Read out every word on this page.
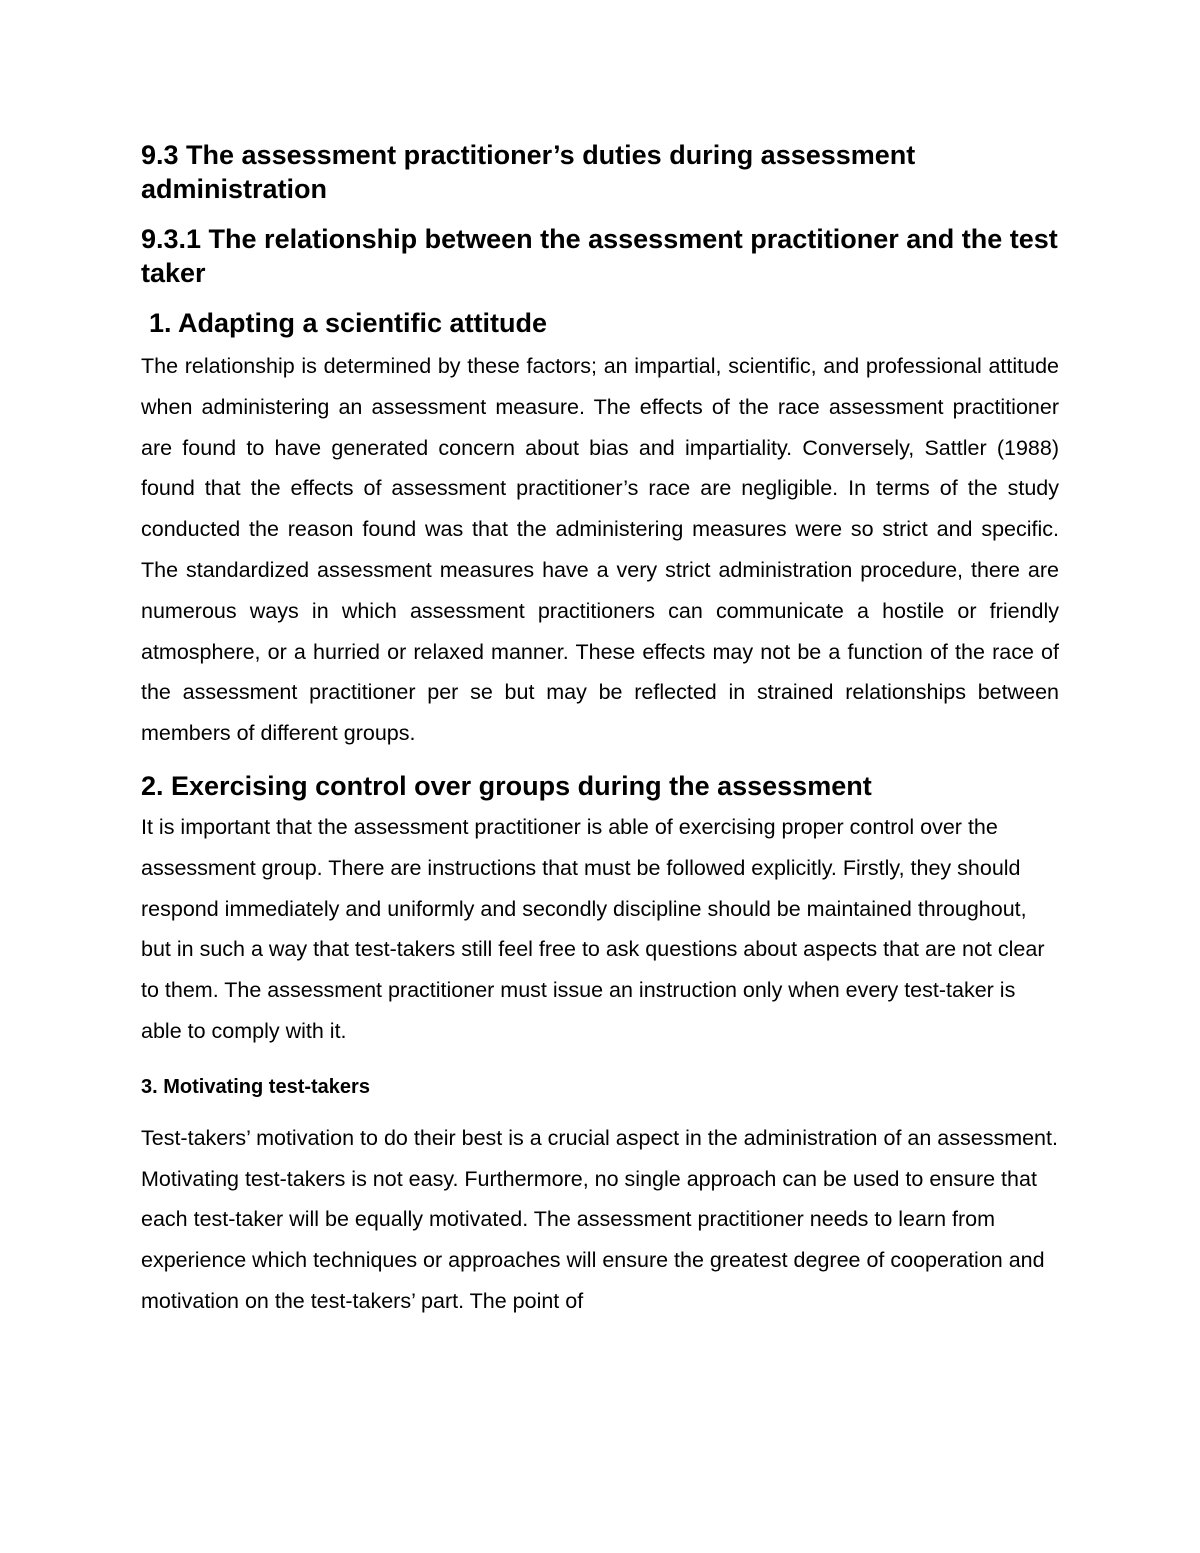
9.3 The assessment practitioner’s duties during assessment administration
9.3.1 The relationship between the assessment practitioner and the test taker
1. Adapting a scientific attitude

The relationship is determined by these factors; an impartial, scientific, and professional attitude when administering an assessment measure. The effects of the race assessment practitioner are found to have generated concern about bias and impartiality. Conversely, Sattler (1988) found that the effects of assessment practitioner’s race are negligible. In terms of the study conducted the reason found was that the administering measures were so strict and specific. The standardized assessment measures have a very strict administration procedure, there are numerous ways in which assessment practitioners can communicate a hostile or friendly atmosphere, or a hurried or relaxed manner. These effects may not be a function of the race of the assessment practitioner per se but may be reflected in strained relationships between members of different groups.

2. Exercising control over groups during the assessment

It is important that the assessment practitioner is able of exercising proper control over the assessment group. There are instructions that must be followed explicitly. Firstly, they should respond immediately and uniformly and secondly discipline should be maintained throughout, but in such a way that test-takers still feel free to ask questions about aspects that are not clear to them. The assessment practitioner must issue an instruction only when every test-taker is able to comply with it.

3. Motivating test-takers

Test-takers’ motivation to do their best is a crucial aspect in the administration of an assessment. Motivating test-takers is not easy. Furthermore, no single approach can be used to ensure that each test-taker will be equally motivated. The assessment practitioner needs to learn from experience which techniques or approaches will ensure the greatest degree of cooperation and motivation on the test-takers’ part. The point of
